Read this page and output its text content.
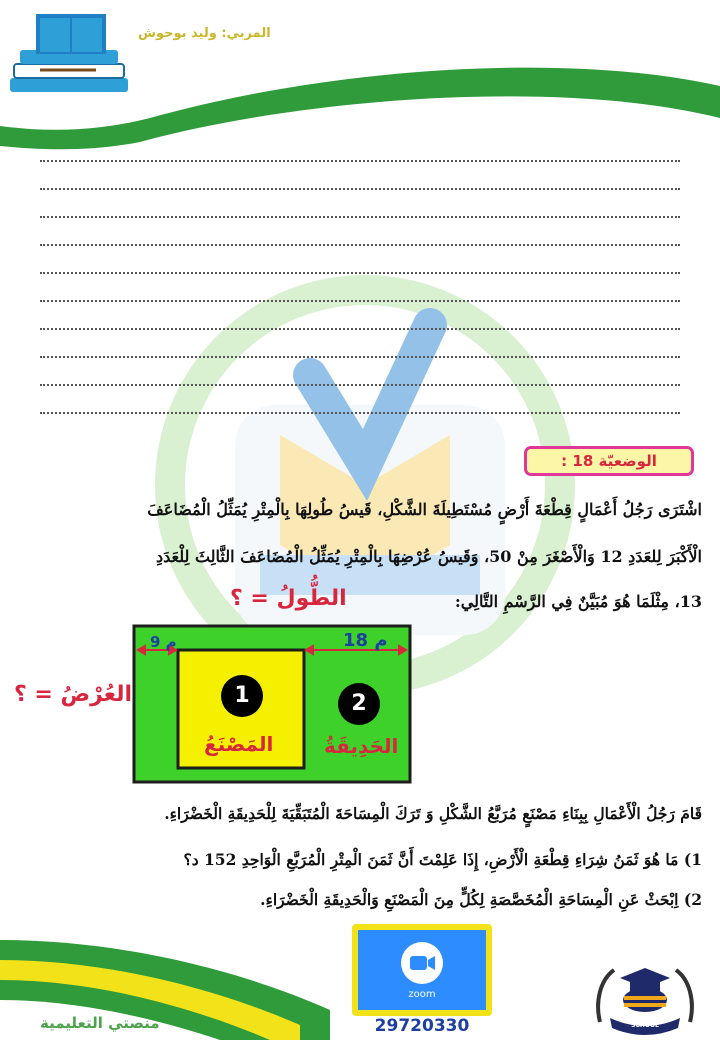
المربي: وليد بوحوش
الوضعيّة 18 :
اشْتَرَى رَجُلُ أَعْمَالٍ قِطْعَةَ أَرْضٍ مُسْتَطِيلَةَ الشَّكْلِ، قَيسُ طُولِهَا بِالْمِتْرِ يُمَثِّلُ الْمُضَاعَفَ
الْأَكْبَرَ لِلعَدَدِ 12 وَالْأَصْغَرَ مِنْ 50، وَقَيسُ عُرْضِهَا بِالْمِتْرِ يُمَثِّلُ الْمُضَاعَفَ الثَّالِثَ لِلْعَدَدِ
13، مِثْلَمَا هُوَ مُبَيَّنٌ فِي الرَّسْمِ التَّالِي:
الطُّولُ = ؟
العُرْضُ = ؟
9 م	18 م
1	2
المَصْنَعُ	الحَدِيقَةُ
قَامَ رَجُلُ الْأَعْمَالِ بِبِنَاءِ مَصْنَعٍ مُرَبَّعُ الشَّكْلِ وَ تَرَكَ الْمِسَاحَةَ الْمُتَبَقِّيَةَ لِلْحَدِيقَةِ الْخَضْرَاءِ.
1) مَا هُوَ ثَمَنُ شِرَاءِ قِطْعَةِ الْأَرْضِ، إِذَا عَلِمْتَ أَنَّ ثَمَنَ الْمِتْرِ الْمُرَبَّعِ الْوَاحِدِ 152 د؟
2) اِبْحَثْ عَنِ الْمِسَاحَةِ الْمُخَصَّصَةِ لِكُلٍّ مِنَ الْمَصْنَعِ وَالْحَدِيقَةِ الْخَضْرَاءِ.
منصتي التعليمية
zoom
29720330	SCHOOL
